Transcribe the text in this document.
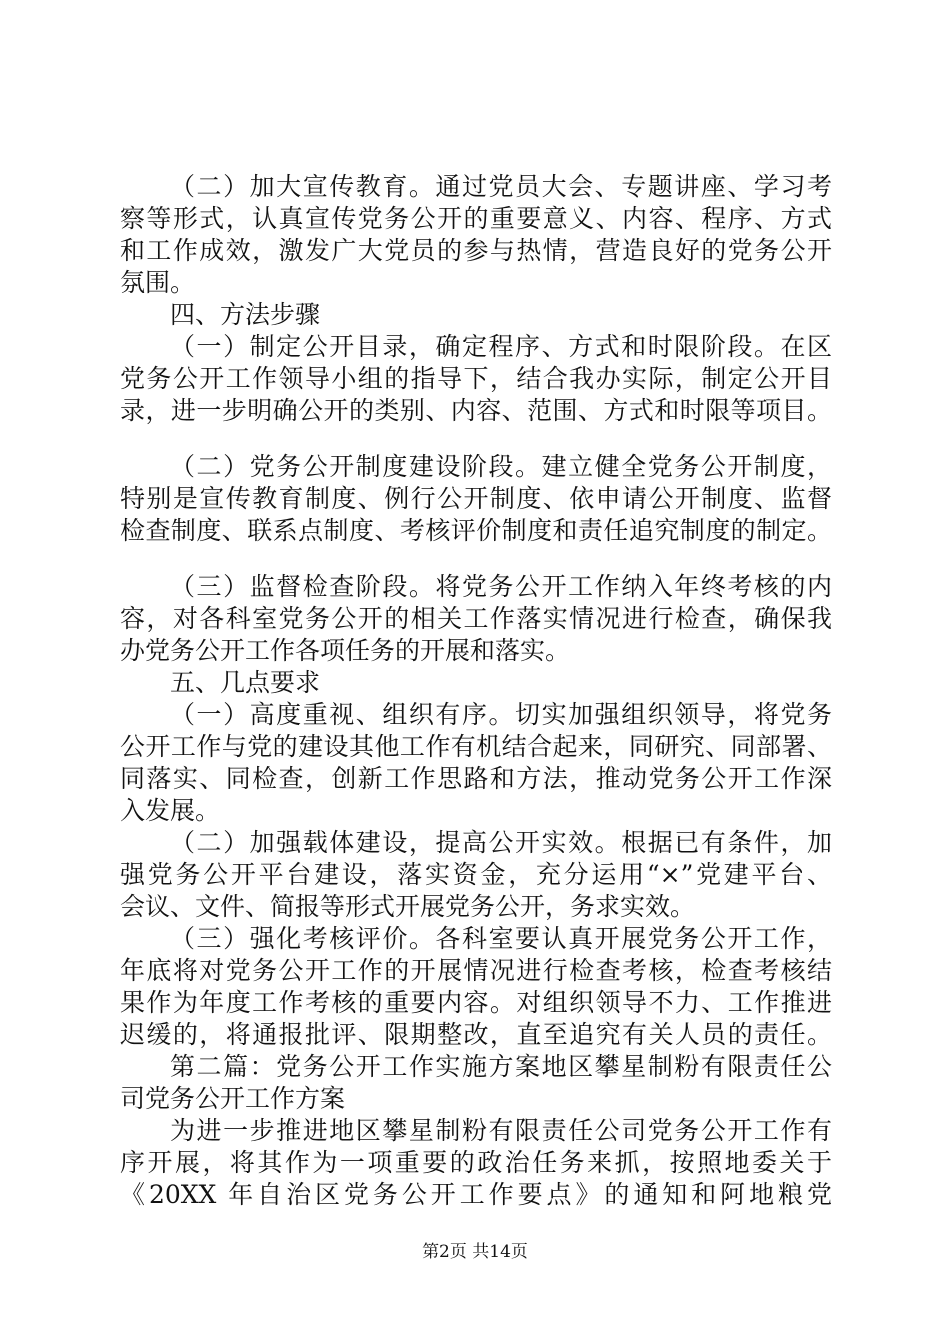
（二）加大宣传教育。通过党员大会、专题讲座、学习考
察等形式，认真宣传党务公开的重要意义、内容、程序、方式
和工作成效，激发广大党员的参与热情，营造良好的党务公开
氛围。
四、方法步骤
（一）制定公开目录，确定程序、方式和时限阶段。在区
党务公开工作领导小组的指导下，结合我办实际，制定公开目
录，进一步明确公开的类别、内容、范围、方式和时限等项目。
（二）党务公开制度建设阶段。建立健全党务公开制度，
特别是宣传教育制度、例行公开制度、依申请公开制度、监督
检查制度、联系点制度、考核评价制度和责任追究制度的制定。
（三）监督检查阶段。将党务公开工作纳入年终考核的内
容，对各科室党务公开的相关工作落实情况进行检查，确保我
办党务公开工作各项任务的开展和落实。
五、几点要求
（一）高度重视、组织有序。切实加强组织领导，将党务
公开工作与党的建设其他工作有机结合起来，同研究、同部署、
同落实、同检查，创新工作思路和方法，推动党务公开工作深
入发展。
（二）加强载体建设，提高公开实效。根据已有条件，加
强党务公开平台建设，落实资金，充分运用“×”党建平台、
会议、文件、简报等形式开展党务公开，务求实效。
（三）强化考核评价。各科室要认真开展党务公开工作，
年底将对党务公开工作的开展情况进行检查考核，检查考核结
果作为年度工作考核的重要内容。对组织领导不力、工作推进
迟缓的，将通报批评、限期整改，直至追究有关人员的责任。
第二篇：党务公开工作实施方案地区攀星制粉有限责任公
司党务公开工作方案
为进一步推进地区攀星制粉有限责任公司党务公开工作有
序开展，将其作为一项重要的政治任务来抓，按照地委关于
《20XX 年自治区党务公开工作要点》的通知和阿地粮党
第2页 共14页
